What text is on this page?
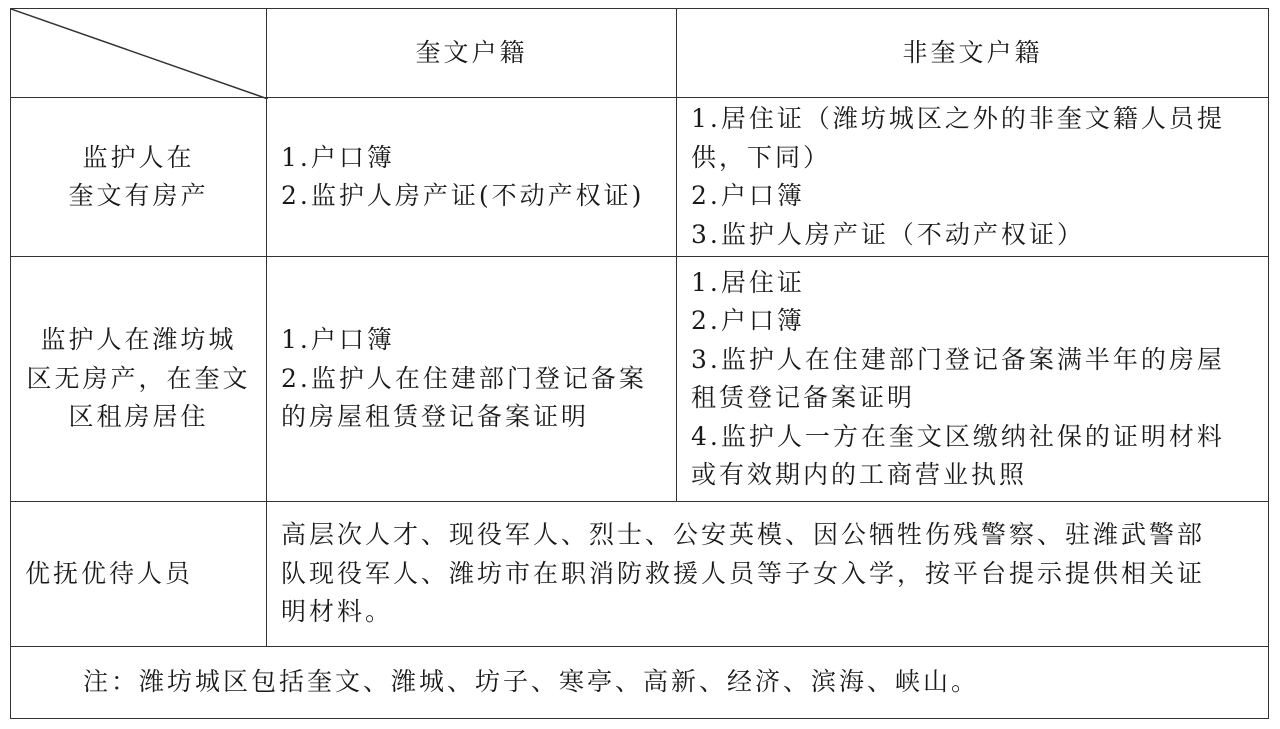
奎文户籍	非奎文户籍
监护人在
奎文有房产
1.户口簿
2.监护人房产证(不动产权证)
1.居住证（潍坊城区之外的非奎文籍人员提
供，下同）
2.户口簿
3.监护人房产证（不动产权证）
监护人在潍坊城
区无房产，在奎文
区租房居住
1.户口簿
2.监护人在住建部门登记备案
的房屋租赁登记备案证明
1.居住证
2.户口簿
3.监护人在住建部门登记备案满半年的房屋
租赁登记备案证明
4.监护人一方在奎文区缴纳社保的证明材料
或有效期内的工商营业执照
优抚优待人员
高层次人才、现役军人、烈士、公安英模、因公牺牲伤残警察、驻潍武警部
队现役军人、潍坊市在职消防救援人员等子女入学，按平台提示提供相关证
明材料。
注：潍坊城区包括奎文、潍城、坊子、寒亭、高新、经济、滨海、峡山。
